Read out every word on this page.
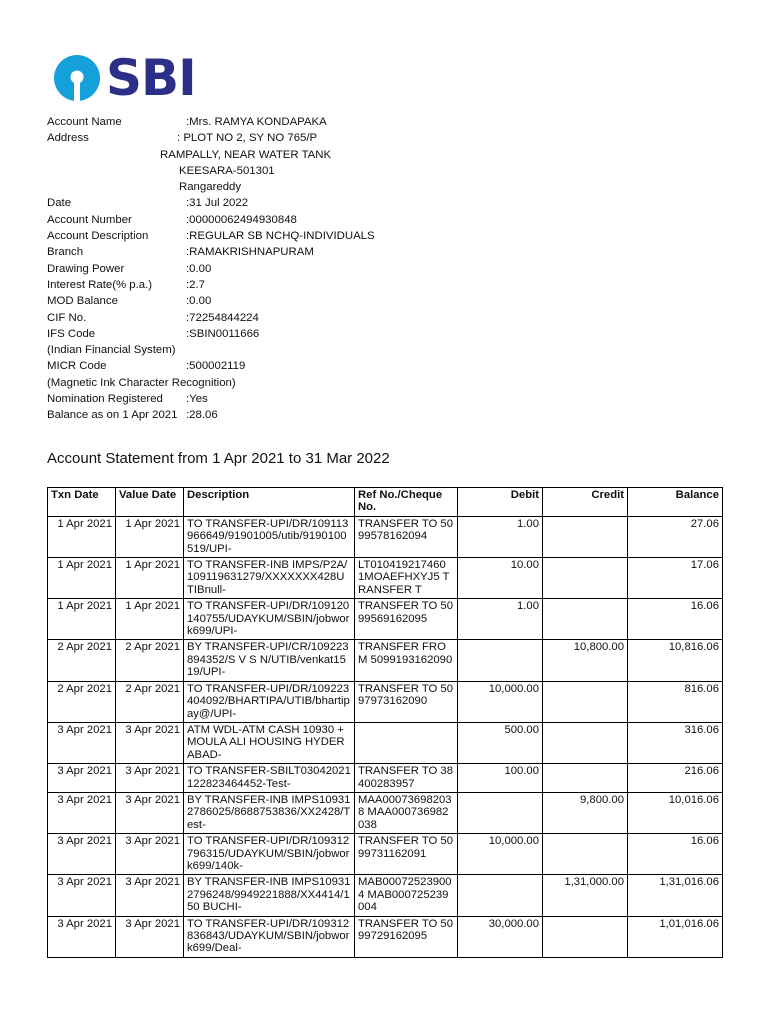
SBI
Account Name	:Mrs. RAMYA KONDAPAKA
Address	: PLOT NO 2, SY NO 765/P
RAMPALLY, NEAR WATER TANK
KEESARA-501301
Rangareddy
Date	:31 Jul 2022
Account Number	:00000062494930848
Account Description	:REGULAR SB NCHQ-INDIVIDUALS
Branch	:RAMAKRISHNAPURAM
Drawing Power	:0.00
Interest Rate(% p.a.)	:2.7
MOD Balance	:0.00
CIF No.	:72254844224
IFS Code	:SBIN0011666
(Indian Financial System)
MICR Code	:500002119
(Magnetic Ink Character Recognition)
Nomination Registered :Yes
Balance as on 1 Apr 2021 :28.06
Account Statement from 1 Apr 2021 to 31 Mar 2022
Txn Date	Value Date	Description	Ref No./Cheque No.	Debit	Credit	Balance
1 Apr 2021	1 Apr 2021	TO TRANSFER-UPI/DR/109113966649/91901005/utib/9190100519/UPI-	TRANSFER TO 5099578162094	1.00		27.06
1 Apr 2021	1 Apr 2021	TO TRANSFER-INB IMPS/P2A/109119631279/XXXXXXX428UTIBnull-	LT010419217460 1MOAEFHXYJ5 TRANSFER T	10.00		17.06
1 Apr 2021	1 Apr 2021	TO TRANSFER-UPI/DR/109120140755/UDAYKUM/SBIN/jobwork699/UPI-	TRANSFER TO 5099569162095	1.00		16.06
2 Apr 2021	2 Apr 2021	BY TRANSFER-UPI/CR/109223894352/S V S N/UTIB/venkat1519/UPI-	TRANSFER FROM 5099193162090		10,800.00	10,816.06
2 Apr 2021	2 Apr 2021	TO TRANSFER-UPI/DR/109223404092/BHARTIPA/UTIB/bhartipay@/UPI-	TRANSFER TO 5097973162090	10,000.00		816.06
3 Apr 2021	3 Apr 2021	ATM WDL-ATM CASH 10930 +MOULA ALI HOUSING HYDERABAD-		500.00		316.06
3 Apr 2021	3 Apr 2021	TO TRANSFER-SBILT03042021122823464452-Test-	TRANSFER TO 38400283957	100.00		216.06
3 Apr 2021	3 Apr 2021	BY TRANSFER-INB IMPS109312786025/8688753836/XX2428/Test-	MAA000736982038 MAA000736982038		9,800.00	10,016.06
3 Apr 2021	3 Apr 2021	TO TRANSFER-UPI/DR/109312796315/UDAYKUM/SBIN/jobwork699/140k-	TRANSFER TO 5099731162091	10,000.00		16.06
3 Apr 2021	3 Apr 2021	BY TRANSFER-INB IMPS109312796248/9949221888/XX4414/150 BUCHI-	MAB000725239004 MAB000725239004		1,31,000.00	1,31,016.06
3 Apr 2021	3 Apr 2021	TO TRANSFER-UPI/DR/109312836843/UDAYKUM/SBIN/jobwork699/Deal-	TRANSFER TO 5099729162095	30,000.00		1,01,016.06
